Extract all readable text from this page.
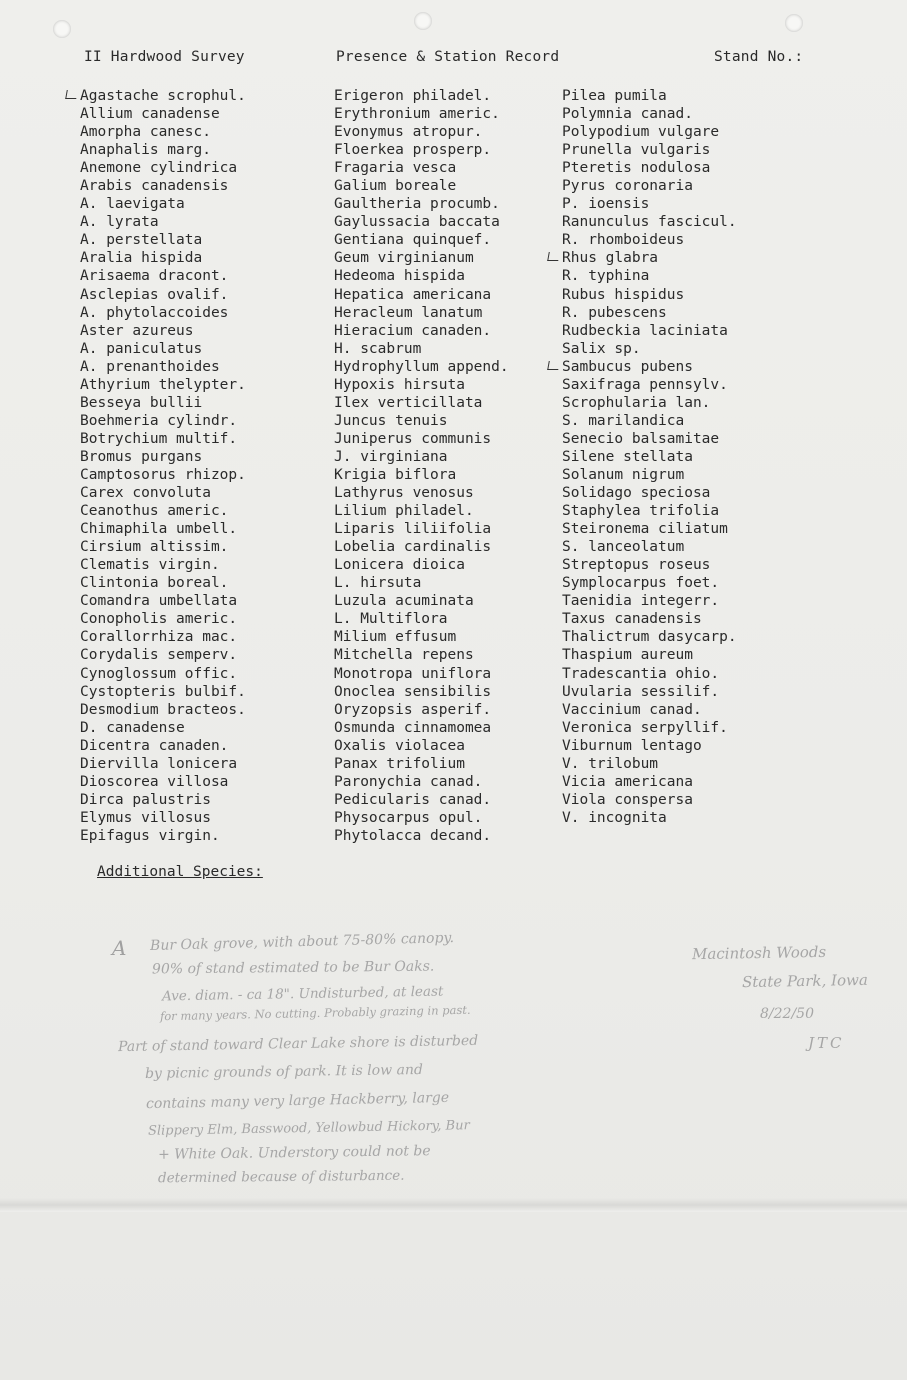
II Hardwood Survey	Presence & Station Record	Stand No.:
Agastache scrophul.
Allium canadense
Amorpha canesc.
Anaphalis marg.
Anemone cylindrica
Arabis canadensis
A. laevigata
A. lyrata
A. perstellata
Aralia hispida
Arisaema dracont.
Asclepias ovalif.
A. phytolaccoides
Aster azureus
A. paniculatus
A. prenanthoides
Athyrium thelypter.
Besseya bullii
Boehmeria cylindr.
Botrychium multif.
Bromus purgans
Camptosorus rhizop.
Carex convoluta
Ceanothus americ.
Chimaphila umbell.
Cirsium altissim.
Clematis virgin.
Clintonia boreal.
Comandra umbellata
Conopholis americ.
Corallorrhiza mac.
Corydalis semperv.
Cynoglossum offic.
Cystopteris bulbif.
Desmodium bracteos.
D. canadense
Dicentra canaden.
Diervilla lonicera
Dioscorea villosa
Dirca palustris
Elymus villosus
Epifagus virgin.
Erigeron philadel.
Erythronium americ.
Evonymus atropur.
Floerkea prosperp.
Fragaria vesca
Galium boreale
Gaultheria procumb.
Gaylussacia baccata
Gentiana quinquef.
Geum virginianum
Hedeoma hispida
Hepatica americana
Heracleum lanatum
Hieracium canaden.
H. scabrum
Hydrophyllum append.
Hypoxis hirsuta
Ilex verticillata
Juncus tenuis
Juniperus communis
J. virginiana
Krigia biflora
Lathyrus venosus
Lilium philadel.
Liparis liliifolia
Lobelia cardinalis
Lonicera dioica
L. hirsuta
Luzula acuminata
L. Multiflora
Milium effusum
Mitchella repens
Monotropa uniflora
Onoclea sensibilis
Oryzopsis asperif.
Osmunda cinnamomea
Oxalis violacea
Panax trifolium
Paronychia canad.
Pedicularis canad.
Physocarpus opul.
Phytolacca decand.
Pilea pumila
Polymnia canad.
Polypodium vulgare
Prunella vulgaris
Pteretis nodulosa
Pyrus coronaria
P. ioensis
Ranunculus fascicul.
R. rhomboideus
Rhus glabra
R. typhina
Rubus hispidus
R. pubescens
Rudbeckia laciniata
Salix sp.
Sambucus pubens
Saxifraga pennsylv.
Scrophularia lan.
S. marilandica
Senecio balsamitae
Silene stellata
Solanum nigrum
Solidago speciosa
Staphylea trifolia
Steironema ciliatum
S. lanceolatum
Streptopus roseus
Symplocarpus foet.
Taenidia integerr.
Taxus canadensis
Thalictrum dasycarp.
Thaspium aureum
Tradescantia ohio.
Uvularia sessilif.
Vaccinium canad.
Veronica serpyllif.
Viburnum lentago
V. trilobum
Vicia americana
Viola conspersa
V. incognita
Additional Species:
A Bur Oak grove, with about 75-80% canopy.
90% of stand estimated to be Bur Oaks.
Ave. diam. - ca 18". Undisturbed, at least
for many years. No cutting. Probably grazing in past.
Part of stand toward Clear Lake shore is disturbed
by picnic grounds of park. It is low and
contains many very large Hackberry, large
Slippery Elm, Basswood, Yellowbud Hickory, Bur
+ White Oak. Understory could not be
determined because of disturbance.
Macintosh Woods
State Park, Iowa
8/22/50
JTC
